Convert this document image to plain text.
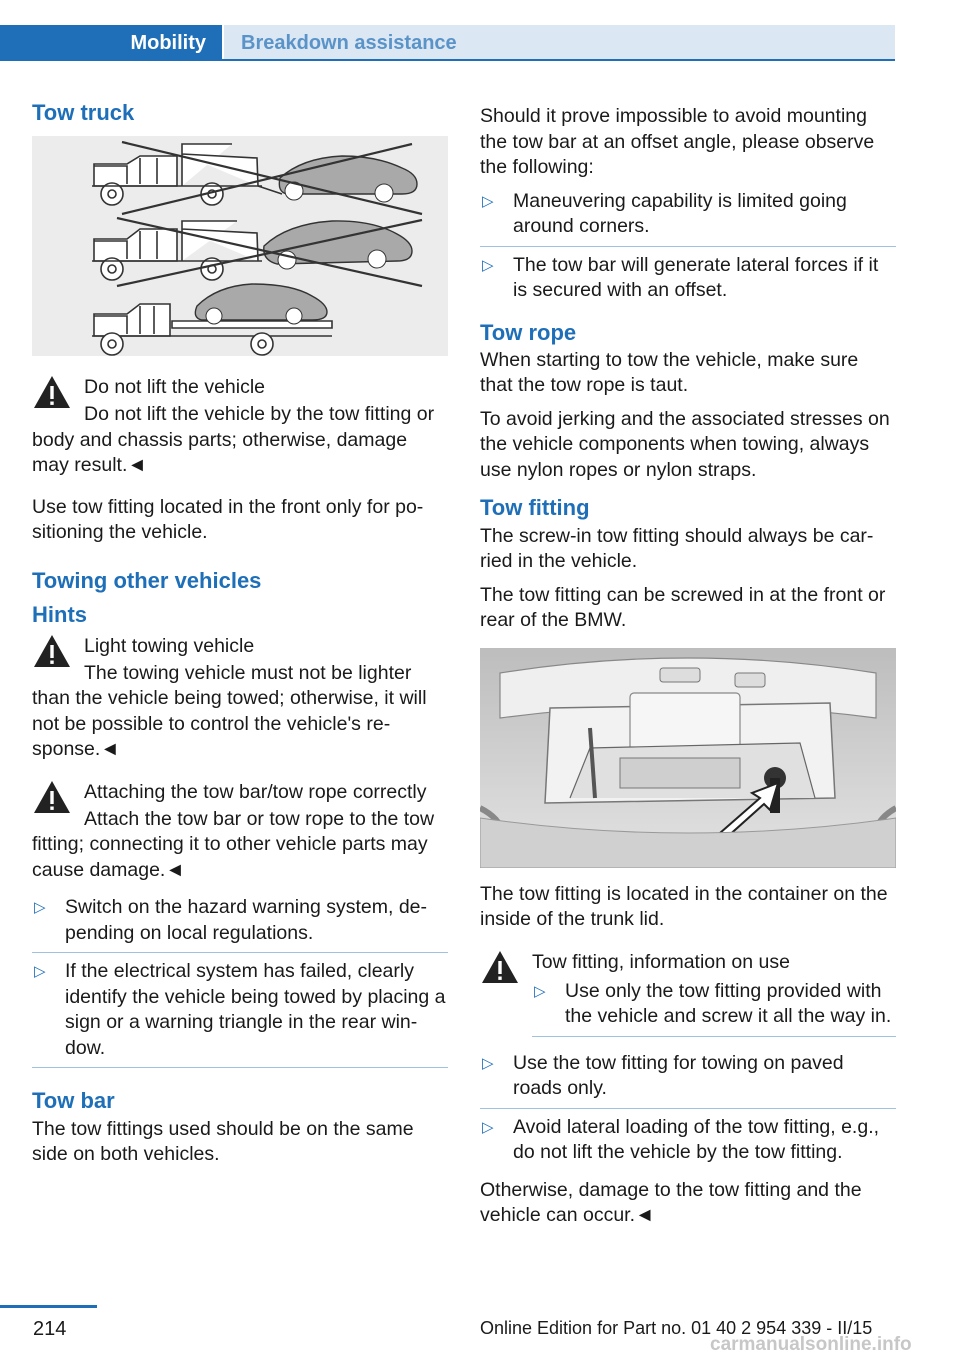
Mobility Breakdown assistance
Tow truck
Do not lift the vehicle

Do not lift the vehicle by the tow fitting or body and chassis parts; otherwise, damage may result.◄

Use tow fitting located in the front only for positioning the vehicle.

Towing other vehicles
Hints
Light towing vehicle

The towing vehicle must not be lighter than the vehicle being towed; otherwise, it will not be possible to control the vehicle's response.◄

Attaching the tow bar/tow rope correctly

Attach the tow bar or tow rope to the tow fitting; connecting it to other vehicle parts may cause damage.◄

▷ Switch on the hazard warning system, depending on local regulations.
▷ If the electrical system has failed, clearly identify the vehicle being towed by placing a sign or a warning triangle in the rear window.
Tow bar

The tow fittings used should be on the same side on both vehicles.

Should it prove impossible to avoid mounting the tow bar at an offset angle, please observe the following:

▷ Maneuvering capability is limited going around corners.
▷ The tow bar will generate lateral forces if it is secured with an offset.
Tow rope

When starting to tow the vehicle, make sure that the tow rope is taut.

To avoid jerking and the associated stresses on the vehicle components when towing, always use nylon ropes or nylon straps.

Tow fitting

The screw-in tow fitting should always be carried in the vehicle.

The tow fitting can be screwed in at the front or rear of the BMW.

The tow fitting is located in the container on the inside of the trunk lid.

Tow fitting, information on use
▷ Use only the tow fitting provided with the vehicle and screw it all the way in.
▷ Use the tow fitting for towing on paved roads only.
▷ Avoid lateral loading of the tow fitting, e.g., do not lift the vehicle by the tow fitting.

Otherwise, damage to the tow fitting and the vehicle can occur.◄

214	Online Edition for Part no. 01 40 2 954 339 - II/15
carmanualsonline.info
